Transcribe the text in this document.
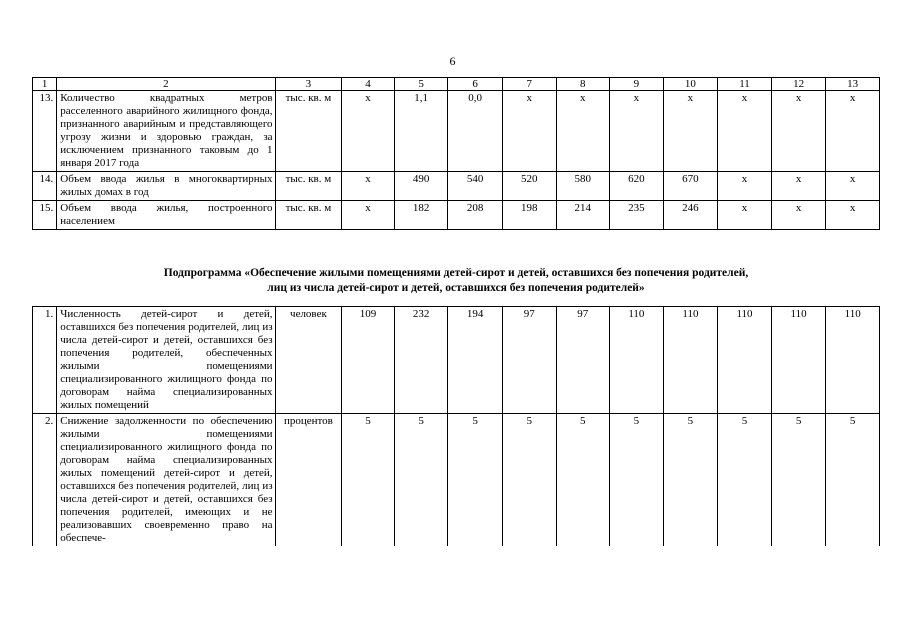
6
1	2	3	4	5	6	7	8	9	10	11	12	13
13.	Количество квадратных метров расселенного аварийного жилищного фонда, признанного аварийным и представляющего угрозу жизни и здоровью граждан, за исключением признанного таковым до 1 января 2017 года	тыс. кв. м	x	1,1	0,0	x	x	x	x	x	x	x
14.	Объем ввода жилья в многоквартирных жилых домах в год	тыс. кв. м	x	490	540	520	580	620	670	x	x	x
15.	Объем ввода жилья, построенного населением	тыс. кв. м	x	182	208	198	214	235	246	x	x	x
Подпрограмма «Обеспечение жилыми помещениями детей-сирот и детей, оставшихся без попечения родителей,
лиц из числа детей-сирот и детей, оставшихся без попечения родителей»
1.	Численность детей-сирот и детей, оставшихся без попечения родителей, лиц из числа детей-сирот и детей, оставшихся без попечения родителей, обеспеченных жилыми помещениями специализированного жилищного фонда по договорам найма специализированных жилых помещений	человек	109	232	194	97	97	110	110	110	110	110
2.	Снижение задолженности по обеспечению жилыми помещениями специализированного жилищного фонда по договорам найма специализированных жилых помещений детей-сирот и детей, оставшихся без попечения родителей, лиц из числа детей-сирот и детей, оставшихся без попечения родителей, имеющих и не реализовавших своевременно право на обеспече-	процентов	5	5	5	5	5	5	5	5	5	5
